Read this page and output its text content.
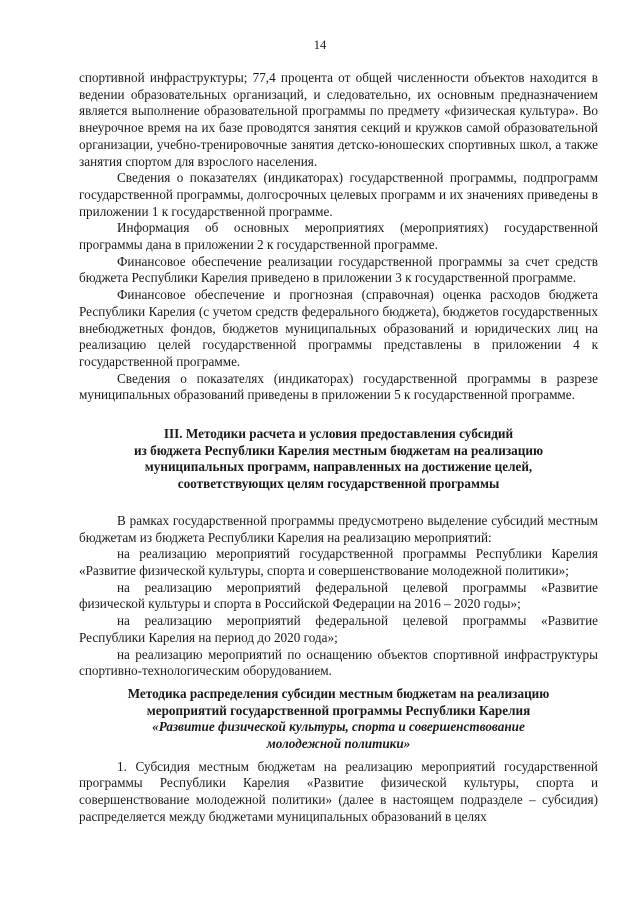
14

спортивной инфраструктуры; 77,4 процента от общей численности объектов находится в ведении образовательных организаций, и следовательно, их основным предназначением является выполнение образовательной программы по предмету «физическая культура». Во внеурочное время на их базе проводятся занятия секций и кружков самой образовательной организации, учебно-тренировочные занятия детско-юношеских спортивных школ, а также занятия спортом для взрослого населения.

Сведения о показателях (индикаторах) государственной программы, подпрограмм государственной программы, долгосрочных целевых программ и их значениях приведены в приложении 1 к государственной программе.

Информация об основных мероприятиях (мероприятиях) государственной программы дана в приложении 2 к государственной программе.

Финансовое обеспечение реализации государственной программы за счет средств бюджета Республики Карелия приведено в приложении 3 к государственной программе.

Финансовое обеспечение и прогнозная (справочная) оценка расходов бюджета Республики Карелия (с учетом средств федерального бюджета), бюджетов государственных внебюджетных фондов, бюджетов муниципальных образований и юридических лиц на реализацию целей государственной программы представлены в приложении 4 к государственной программе.

Сведения о показателях (индикаторах) государственной программы в разрезе муниципальных образований приведены в приложении 5 к государственной программе.

III. Методики расчета и условия предоставления субсидий
из бюджета Республики Карелия местным бюджетам на реализацию
муниципальных программ, направленных на достижение целей,
соответствующих целям государственной программы

В рамках государственной программы предусмотрено выделение субсидий местным бюджетам из бюджета Республики Карелия на реализацию мероприятий:

на реализацию мероприятий государственной программы Республики Карелия «Развитие физической культуры, спорта и совершенствование молодежной политики»;

на реализацию мероприятий федеральной целевой программы «Развитие физической культуры и спорта в Российской Федерации на 2016 – 2020 годы»;

на реализацию мероприятий федеральной целевой программы «Развитие Республики Карелия на период до 2020 года»;

на реализацию мероприятий по оснащению объектов спортивной инфраструктуры спортивно-технологическим оборудованием.

Методика распределения субсидии местным бюджетам на реализацию
мероприятий государственной программы Республики Карелия
«Развитие физической культуры, спорта и совершенствование
молодежной политики»

1. Субсидия местным бюджетам на реализацию мероприятий государственной программы Республики Карелия «Развитие физической культуры, спорта и совершенствование молодежной политики» (далее в настоящем подразделе – субсидия) распределяется между бюджетами муниципальных образований в целях
